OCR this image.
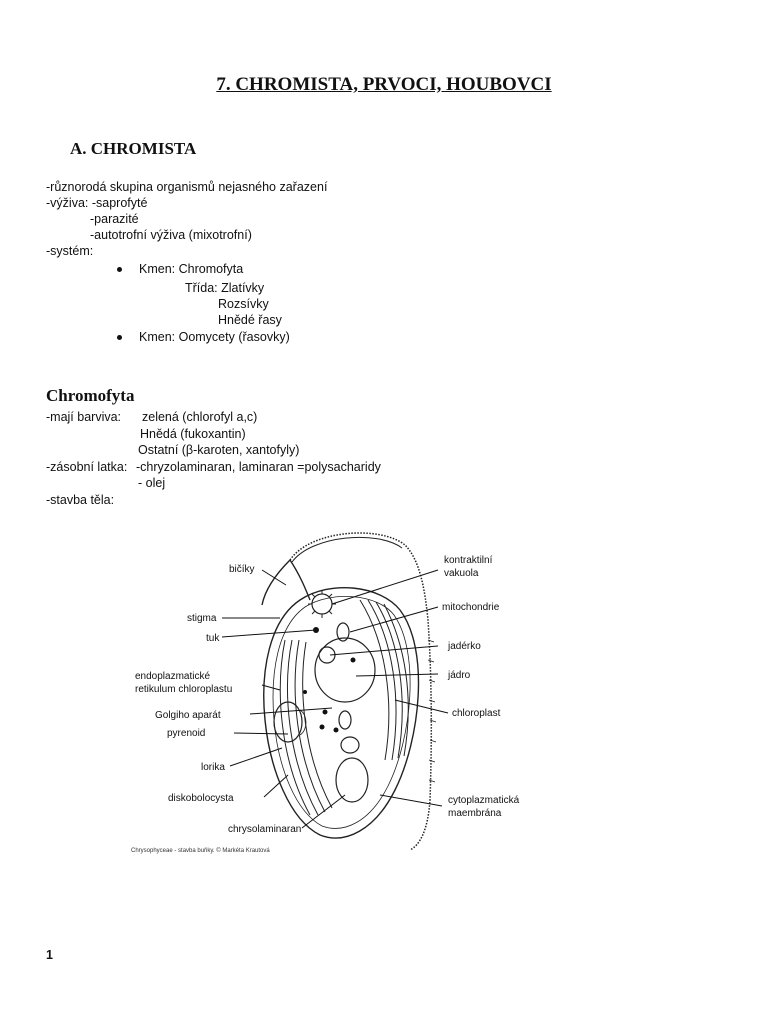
7. CHROMISTA, PRVOCI, HOUBOVCI
A. CHROMISTA
-různorodá skupina organismů nejasného zařazení
-výživa: -saprofyté
-parazité
-autotrofní výživa (mixotrofní)
-systém:
Kmen: Chromofyta
Třída: Zlatívky
Rozsívky
Hnědé řasy
Kmen: Oomycety (řasovky)
Chromofyta
-mají barviva: zelená (chlorofyl a,c)
Hnědá (fukoxantin)
Ostatní (β-karoten, xantofyly)
-zásobní latka: -chryzolaminaran, laminaran =polysacharidy
- olej
-stavba těla:
bičíky
stigma
tuk
endoplazmatické
retikulum chloroplastu
Golgiho aparát
pyrenoid
lorika
diskobolocysta
chrysolaminaran
kontraktilní
vakuola
mitochondrie
jadérko
jádro
chloroplast
cytoplazmatická
maembrána
Chrysophyceae - stavba buňky. © Markéta Krautová
1
